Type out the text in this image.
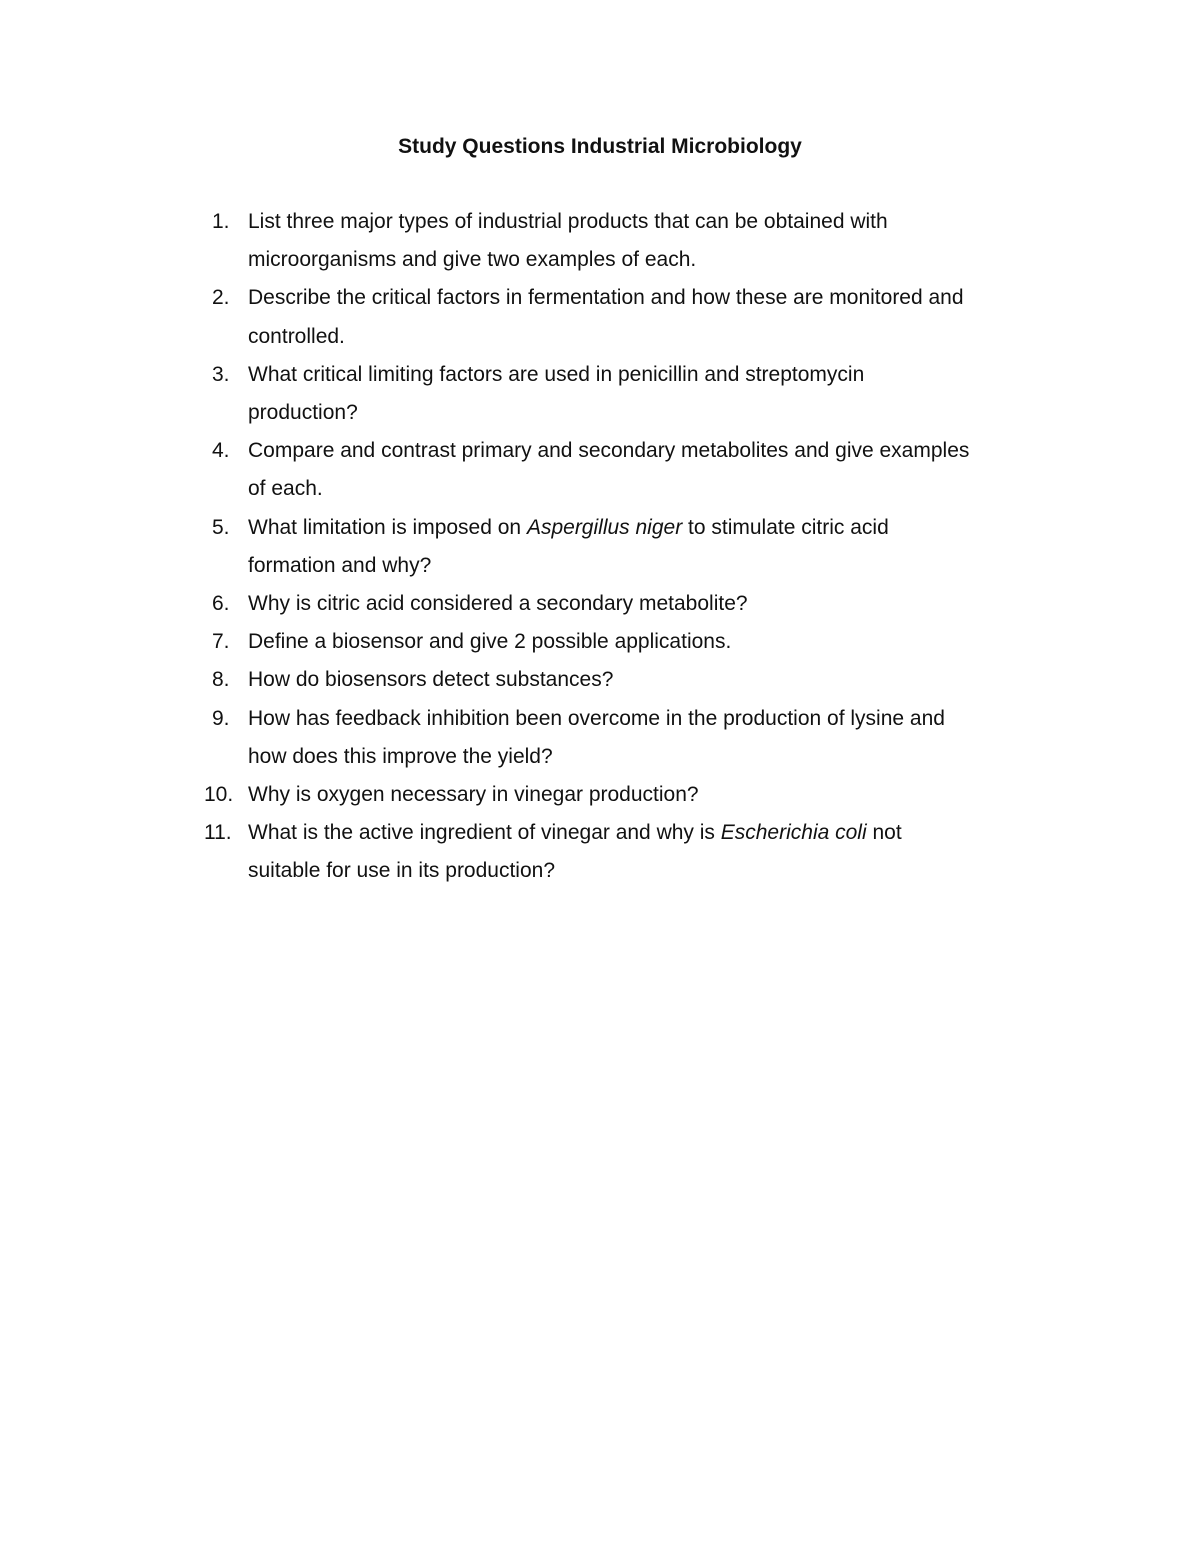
Study Questions Industrial Microbiology
1. List three major types of industrial products that can be obtained with microorganisms and give two examples of each.
2. Describe the critical factors in fermentation and how these are monitored and controlled.
3. What critical limiting factors are used in penicillin and streptomycin production?
4. Compare and contrast primary and secondary metabolites and give examples of each.
5. What limitation is imposed on Aspergillus niger to stimulate citric acid formation and why?
6. Why is citric acid considered a secondary metabolite?
7. Define a biosensor and give 2 possible applications.
8. How do biosensors detect substances?
9. How has feedback inhibition been overcome in the production of lysine and how does this improve the yield?
10. Why is oxygen necessary in vinegar production?
11. What is the active ingredient of vinegar and why is Escherichia coli not suitable for use in its production?
